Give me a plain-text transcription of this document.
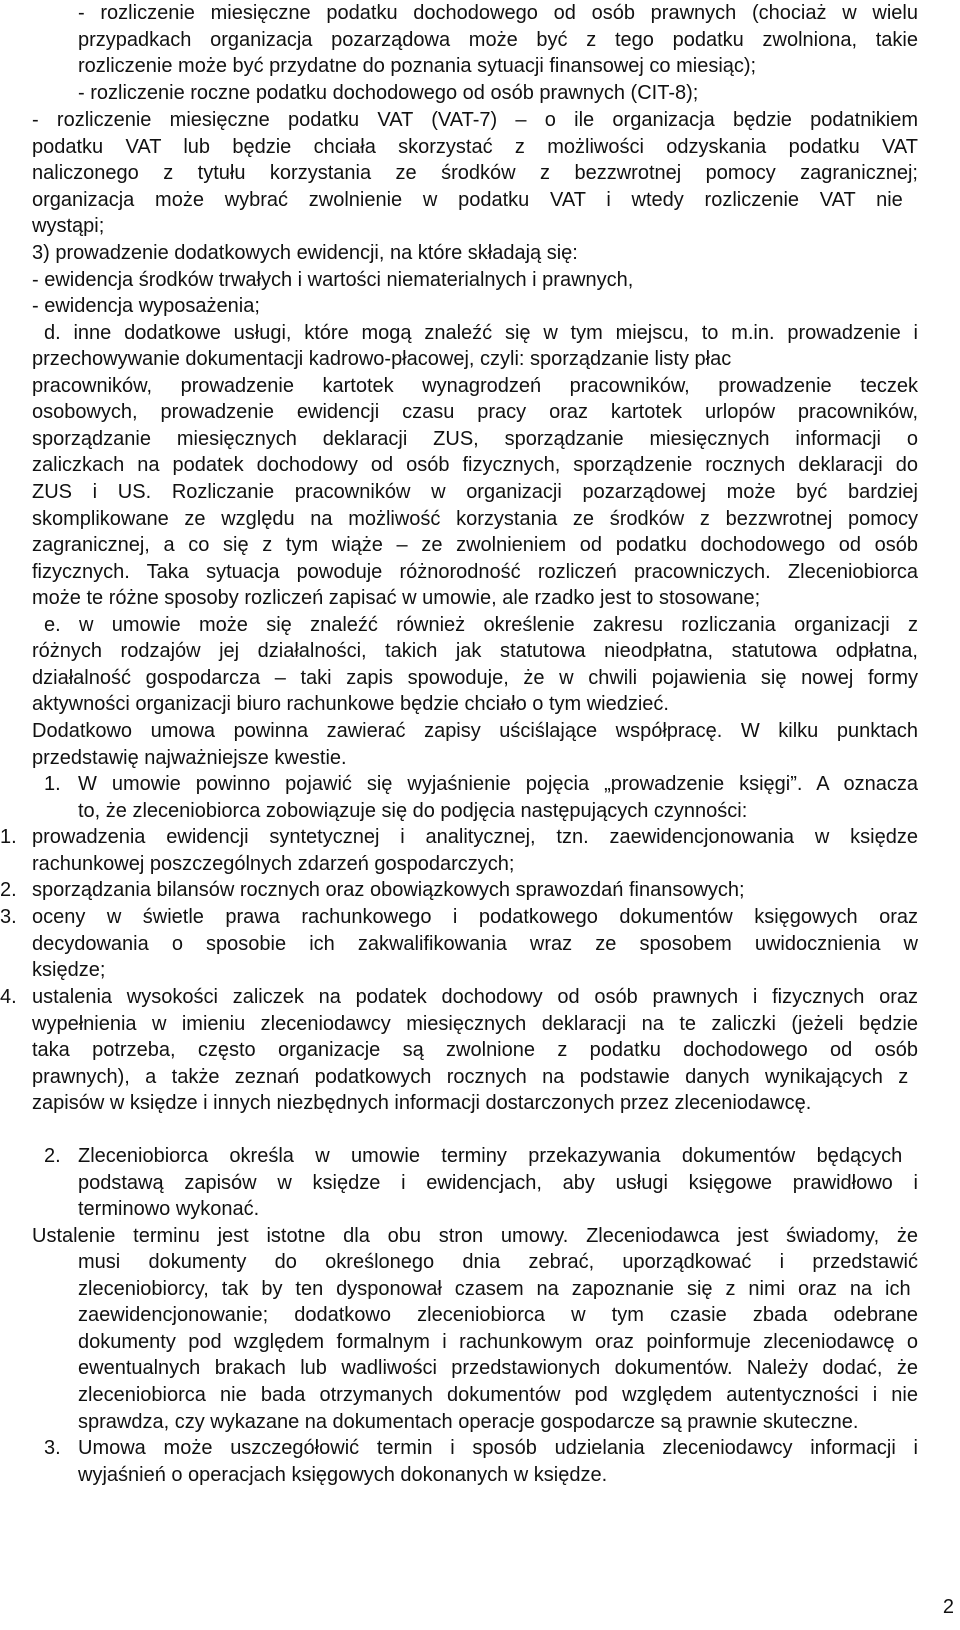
- rozliczenie miesięczne podatku dochodowego od osób prawnych (chociaż w wielu
przypadkach organizacja pozarządowa może być z tego podatku zwolniona, takie
rozliczenie może być przydatne do poznania sytuacji finansowej co miesiąc);
- rozliczenie roczne podatku dochodowego od osób prawnych (CIT-8);
- rozliczenie miesięczne podatku VAT (VAT-7) – o ile organizacja będzie podatnikiem
podatku VAT lub będzie chciała skorzystać z możliwości odzyskania podatku VAT
naliczonego z tytułu korzystania ze środków z bezzwrotnej pomocy zagranicznej;
organizacja może wybrać zwolnienie w podatku VAT i wtedy rozliczenie VAT nie
wystąpi;
3) prowadzenie dodatkowych ewidencji, na które składają się:
- ewidencja środków trwałych i wartości niematerialnych i prawnych,
- ewidencja wyposażenia;
d. inne dodatkowe usługi, które mogą znaleźć się w tym miejscu, to m.in. prowadzenie i
przechowywanie dokumentacji kadrowo-płacowej, czyli: sporządzanie listy płac
pracowników, prowadzenie kartotek wynagrodzeń pracowników, prowadzenie teczek
osobowych, prowadzenie ewidencji czasu pracy oraz kartotek urlopów pracowników,
sporządzanie miesięcznych deklaracji ZUS, sporządzanie miesięcznych informacji o
zaliczkach na podatek dochodowy od osób fizycznych, sporządzenie rocznych deklaracji do
ZUS i US. Rozliczanie pracowników w organizacji pozarządowej może być bardziej
skomplikowane ze względu na możliwość korzystania ze środków z bezzwrotnej pomocy
zagranicznej, a co się z tym wiąże – ze zwolnieniem od podatku dochodowego od osób
fizycznych. Taka sytuacja powoduje różnorodność rozliczeń pracowniczych. Zleceniobiorca
może te różne sposoby rozliczeń zapisać w umowie, ale rzadko jest to stosowane;
e. w umowie może się znaleźć również określenie zakresu rozliczania organizacji z
różnych rodzajów jej działalności, takich jak statutowa nieodpłatna, statutowa odpłatna,
działalność gospodarcza – taki zapis spowoduje, że w chwili pojawienia się nowej formy
aktywności organizacji biuro rachunkowe będzie chciało o tym wiedzieć.
Dodatkowo umowa powinna zawierać zapisy uściślające współpracę. W kilku punktach
przedstawię najważniejsze kwestie.
1. W umowie powinno pojawić się wyjaśnienie pojęcia „prowadzenie księgi”. A oznacza
to, że zleceniobiorca zobowiązuje się do podjęcia następujących czynności:
1. prowadzenia ewidencji syntetycznej i analitycznej, tzn. zaewidencjonowania w księdze
rachunkowej poszczególnych zdarzeń gospodarczych;
2. sporządzania bilansów rocznych oraz obowiązkowych sprawozdań finansowych;
3. oceny w świetle prawa rachunkowego i podatkowego dokumentów księgowych oraz
decydowania o sposobie ich zakwalifikowania wraz ze sposobem uwidocznienia w
księdze;
4. ustalenia wysokości zaliczek na podatek dochodowy od osób prawnych i fizycznych oraz
wypełnienia w imieniu zleceniodawcy miesięcznych deklaracji na te zaliczki (jeżeli będzie
taka potrzeba, często organizacje są zwolnione z podatku dochodowego od osób
prawnych), a także zeznań podatkowych rocznych na podstawie danych wynikających z
zapisów w księdze i innych niezbędnych informacji dostarczonych przez zleceniodawcę.
2. Zleceniobiorca określa w umowie terminy przekazywania dokumentów będących
podstawą zapisów w księdze i ewidencjach, aby usługi księgowe prawidłowo i
terminowo wykonać.
Ustalenie terminu jest istotne dla obu stron umowy. Zleceniodawca jest świadomy, że
musi dokumenty do określonego dnia zebrać, uporządkować i przedstawić
zleceniobiorcy, tak by ten dysponował czasem na zapoznanie się z nimi oraz na ich
zaewidencjonowanie; dodatkowo zleceniobiorca w tym czasie zbada odebrane
dokumenty pod względem formalnym i rachunkowym oraz poinformuje zleceniodawcę o
ewentualnych brakach lub wadliwości przedstawionych dokumentów. Należy dodać, że
zleceniobiorca nie bada otrzymanych dokumentów pod względem autentyczności i nie
sprawdza, czy wykazane na dokumentach operacje gospodarcze są prawnie skuteczne.
3. Umowa może uszczegółowić termin i sposób udzielania zleceniodawcy informacji i
wyjaśnień o operacjach księgowych dokonanych w księdze.
2
